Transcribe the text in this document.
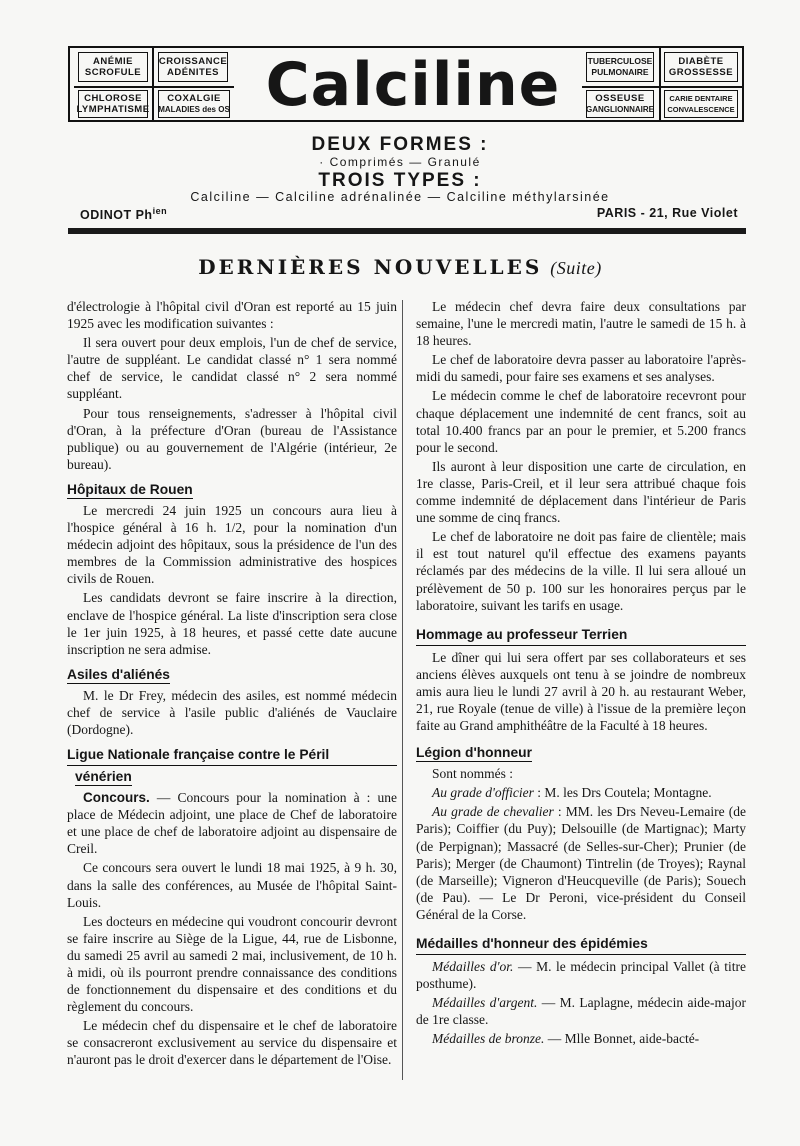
ANÉMIE
SCROFULE
CROISSANCE
ADÉNITES
CHLOROSE
LYMPHATISME
COXALGIE
MALADIES des OS Calciline	TUBERCULOSE
PULMONAIRE
DIABÈTE
GROSSESSE
OSSEUSE
GANGLIONNAIRE
CARIE DENTAIRE
CONVALESCENCE
DEUX FORMES :
· Comprimés — Granulé
TROIS TYPES :
Calciline — Calciline adrénalinée — Calciline méthylarsinée
ODINOT $Ph^{ien}$	PARIS - 21, Rue Violet
DERNIÈRES NOUVELLES (Suite)

d'électrologie à l'hôpital civil d'Oran est reporté au 15 juin 1925 avec les modification suivantes :

Il sera ouvert pour deux emplois, l'un de chef de service, l'autre de suppléant. Le candidat classé n° 1 sera nommé chef de service, le candidat classé n° 2 sera nommé suppléant.

Pour tous renseignements, s'adresser à l'hôpital civil d'Oran, à la préfecture d'Oran (bureau de l'Assistance publique) ou au gouvernement de l'Algérie (intérieur, 2e bureau).

Hôpitaux de Rouen

Le mercredi 24 juin 1925 un concours aura lieu à l'hospice général à 16 h. 1/2, pour la nomination d'un médecin adjoint des hôpitaux, sous la présidence de l'un des membres de la Commission administrative des hospices civils de Rouen.

Les candidats devront se faire inscrire à la direction, enclave de l'hospice général. La liste d'inscription sera close le 1er juin 1925, à 18 heures, et passé cette date aucune inscription ne sera admise.

Asiles d'aliénés

M. le Dr Frey, médecin des asiles, est nommé médecin chef de service à l'asile public d'aliénés de Vauclaire (Dordogne).

Ligue Nationale française contre le Péril
vénérien

Concours. — Concours pour la nomination à : une place de Médecin adjoint, une place de Chef de laboratoire et une place de chef de laboratoire adjoint au dispensaire de Creil.

Ce concours sera ouvert le lundi 18 mai 1925, à 9 h. 30, dans la salle des conférences, au Musée de l'hôpital Saint-Louis.

Les docteurs en médecine qui voudront concourir devront se faire inscrire au Siège de la Ligue, 44, rue de Lisbonne, du samedi 25 avril au samedi 2 mai, inclusivement, de 10 h. à midi, où ils pourront prendre connaissance des conditions de fonctionnement du dispensaire et des conditions et du règlement du concours.

Le médecin chef du dispensaire et le chef de laboratoire se consacreront exclusivement au service du dispensaire et n'auront pas le droit d'exercer dans le département de l'Oise.

Le médecin chef devra faire deux consultations par semaine, l'une le mercredi matin, l'autre le samedi de 15 h. à 18 heures.

Le chef de laboratoire devra passer au laboratoire l'après-midi du samedi, pour faire ses examens et ses analyses.

Le médecin comme le chef de laboratoire recevront pour chaque déplacement une indemnité de cent francs, soit au total 10.400 francs par an pour le premier, et 5.200 francs pour le second.

Ils auront à leur disposition une carte de circulation, en 1re classe, Paris-Creil, et il leur sera attribué chaque fois comme indemnité de déplacement dans l'intérieur de Paris une somme de cinq francs.

Le chef de laboratoire ne doit pas faire de clientèle; mais il est tout naturel qu'il effectue des examens payants réclamés par des médecins de la ville. Il lui sera alloué un prélèvement de 50 p. 100 sur les honoraires perçus par le laboratoire, suivant les tarifs en usage.

Hommage au professeur Terrien

Le dîner qui lui sera offert par ses collaborateurs et ses anciens élèves auxquels ont tenu à se joindre de nombreux amis aura lieu le lundi 27 avril à 20 h. au restaurant Weber, 21, rue Royale (tenue de ville) à l'issue de la première leçon faite au Grand amphithéâtre de la Faculté à 18 heures.

Légion d'honneur

Sont nommés :

Au grade d'officier : M. les Drs Coutela; Montagne.

Au grade de chevalier : MM. les Drs Neveu-Lemaire (de Paris); Coiffier (du Puy); Delsouille (de Martignac); Marty (de Perpignan); Massacré (de Selles-sur-Cher); Prunier (de Paris); Merger (de Chaumont) Tintrelin (de Troyes); Raynal (de Marseille); Vigneron d'Heucqueville (de Paris); Souech (de Pau). — Le Dr Peroni, vice-président du Conseil Général de la Corse.

Médailles d'honneur des épidémies

Médailles d'or. — M. le médecin principal Vallet (à titre posthume).

Médailles d'argent. — M. Laplagne, médecin aide-major de 1re classe.

Médailles de bronze. — Mlle Bonnet, aide-bacté-
